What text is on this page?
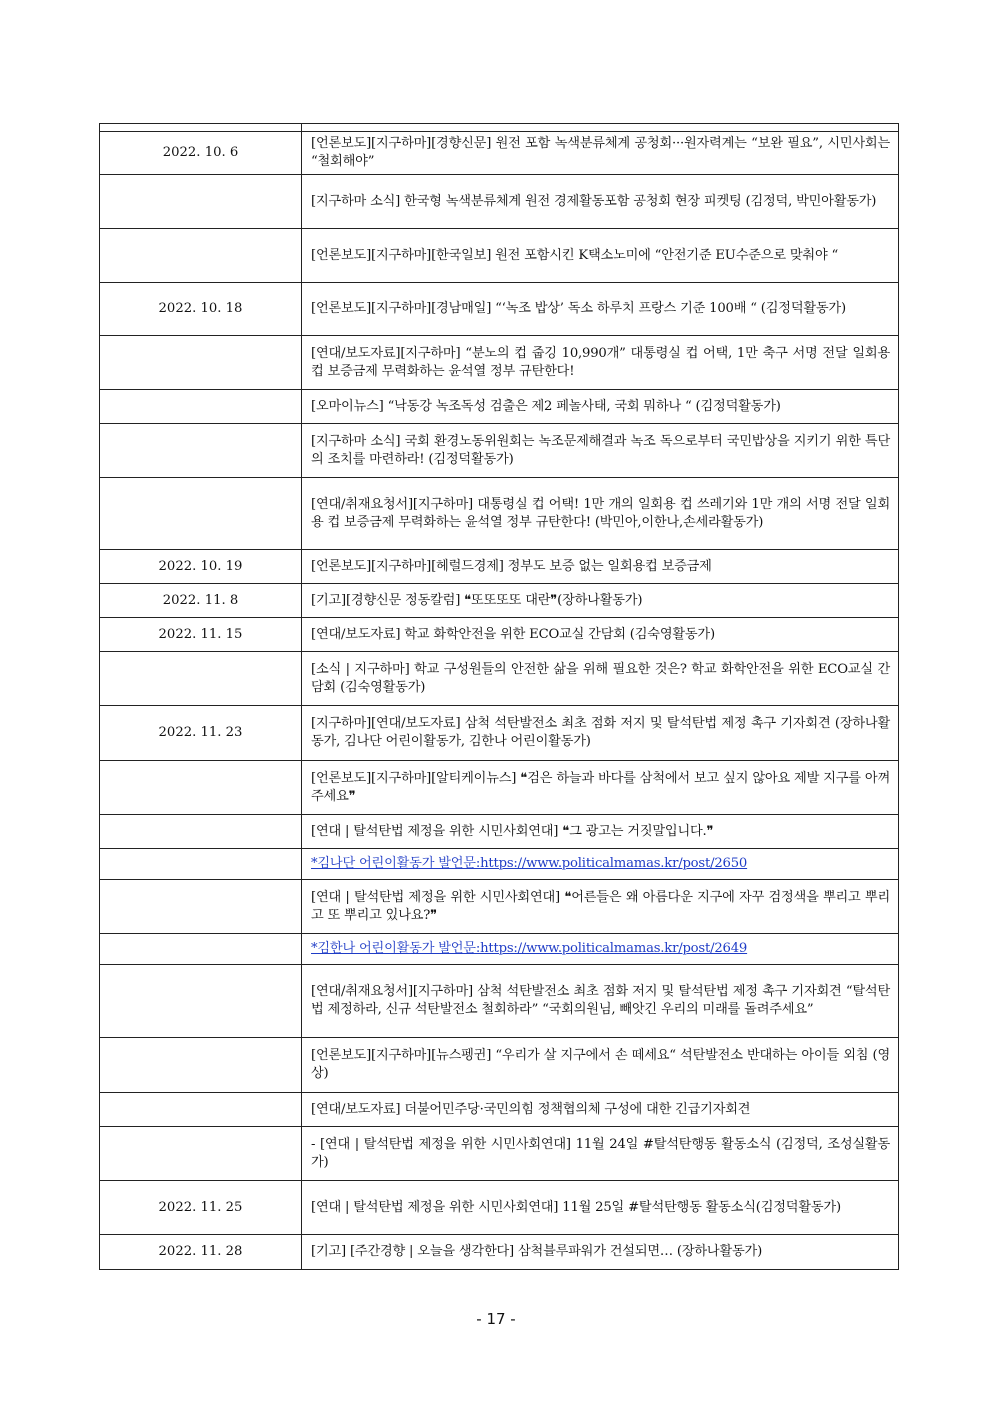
2022. 10. 6	[언론보도][지구하마][경향신문] 원전 포함 녹색분류체계 공청회···원자력계는 “보완 필요”, 시민사회는 “철회해야”
	[지구하마 소식] 한국형 녹색분류체계 원전 경제활동포함 공청회 현장 피켓팅 (김정덕, 박민아활동가)
	[언론보도][지구하마][한국일보] 원전 포함시킨 K택소노미에 “안전기준 EU수준으로 맞춰야 “
2022. 10. 18	[언론보도][지구하마][경남매일] “‘녹조 밥상’ 독소 하루치 프랑스 기준 100배 “ (김정덕활동가)
	[연대/보도자료][지구하마] “분노의 컵 줍깅 10,990개” 대통령실 컵 어택, 1만 축구 서명 전달 일회용 컵 보증금제 무력화하는 윤석열 정부 규탄한다!
	[오마이뉴스] “낙동강 녹조독성 검출은 제2 페놀사태, 국회 뭐하나 “ (김정덕활동가)
	[지구하마 소식] 국회 환경노동위원회는 녹조문제해결과 녹조 독으로부터 국민밥상을 지키기 위한 특단의 조치를 마련하라! (김정덕활동가)
	[연대/취재요청서][지구하마] 대통령실 컵 어택! 1만 개의 일회용 컵 쓰레기와 1만 개의 서명 전달 일회용 컵 보증금제 무력화하는 윤석열 정부 규탄한다! (박민아,이한나,손세라활동가)
2022. 10. 19	[언론보도][지구하마][헤럴드경제] 정부도 보증 없는 일회용컵 보증금제
2022. 11. 8	[기고][경향신문 정동칼럼] ❝또또또또 대란❞(장하나활동가)
2022. 11. 15	[연대/보도자료] 학교 화학안전을 위한 ECO교실 간담회 (김숙영활동가)
	[소식 | 지구하마] 학교 구성원들의 안전한 삶을 위해 필요한 것은? 학교 화학안전을 위한 ECO교실 간담회 (김숙영활동가)
2022. 11. 23	[지구하마][연대/보도자료] 삼척 석탄발전소 최초 점화 저지 및 탈석탄법 제정 촉구 기자회견 (장하나활동가, 김나단 어린이활동가, 김한나 어린이활동가)
	[언론보도][지구하마][알티케이뉴스] ❝검은 하늘과 바다를 삼척에서 보고 싶지 않아요 제발 지구를 아껴주세요❞
	[연대 | 탈석탄법 제정을 위한 시민사회연대] ❝그 광고는 거짓말입니다.❞
	*김나단 어린이활동가 발언문:https://www.politicalmamas.kr/post/2650
	[연대 | 탈석탄법 제정을 위한 시민사회연대] ❝어른들은 왜 아름다운 지구에 자꾸 검정색을 뿌리고 뿌리고 또 뿌리고 있나요?❞
	*김한나 어린이활동가 발언문:https://www.politicalmamas.kr/post/2649
	[연대/취재요청서][지구하마] 삼척 석탄발전소 최초 점화 저지 및 탈석탄법 제정 촉구 기자회견 “탈석탄법 제정하라, 신규 석탄발전소 철회하라” “국회의원님, 빼앗긴 우리의 미래를 돌려주세요”
	[언론보도][지구하마][뉴스펭귄] “우리가 살 지구에서 손 떼세요“ 석탄발전소 반대하는 아이들 외침 (영상)
	[연대/보도자료] 더불어민주당·국민의힘 정책협의체 구성에 대한 긴급기자회견
	- [연대 | 탈석탄법 제정을 위한 시민사회연대] 11월 24일 #탈석탄행동 활동소식 (김정덕, 조성실활동가)
2022. 11. 25	[연대 | 탈석탄법 제정을 위한 시민사회연대] 11월 25일 #탈석탄행동 활동소식(김정덕활동가)
2022. 11. 28	[기고] [주간경향 | 오늘을 생각한다] 삼척블루파워가 건설되면… (장하나활동가)
- 17 -
